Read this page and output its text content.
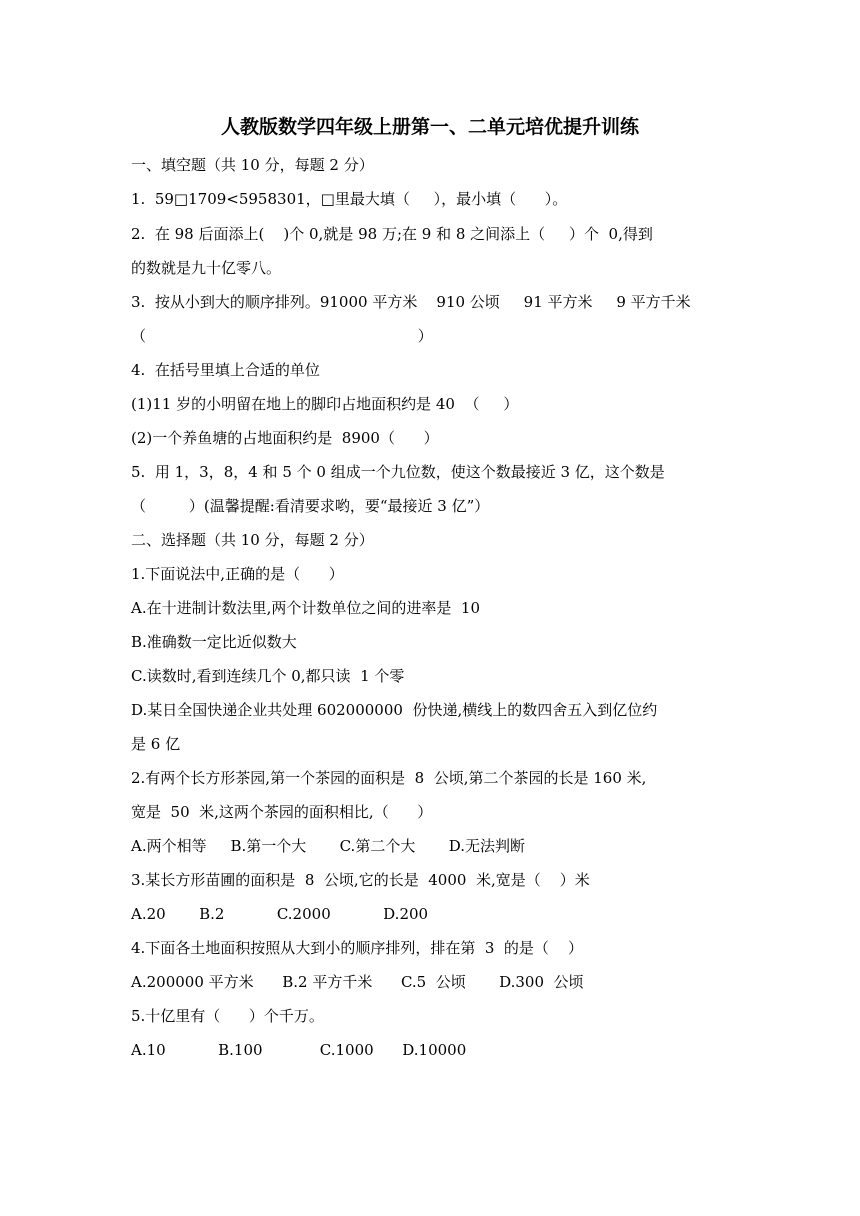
人教版数学四年级上册第一、二单元培优提升训练
一、填空题（共 10 分，每题 2 分）
1.  59□1709<5958301，□里最大填（     ），最小填（      ）。
2.  在 98 后面添上(    )个 0,就是 98 万;在 9 和 8 之间添上（     ）个  0,得到
的数就是九十亿零八。
3.  按从小到大的顺序排列。91000 平方米    910 公顷     91 平方米     9 平方千米
（                                                         ）
4.  在括号里填上合适的单位
(1)11 岁的小明留在地上的脚印占地面积约是 40  （     ）
(2)一个养鱼塘的占地面积约是  8900（      ）
5.  用 1，3，8，4 和 5 个 0 组成一个九位数，使这个数最接近 3 亿，这个数是
（         ）(温馨提醒:看清要求哟，要“最接近 3 亿”）
二、选择题（共 10 分，每题 2 分）
1.下面说法中,正确的是（      ）
A.在十进制计数法里,两个计数单位之间的进率是  10
B.准确数一定比近似数大
C.读数时,看到连续几个 0,都只读  1 个零
D.某日全国快递企业共处理 602000000  份快递,横线上的数四舍五入到亿位约
是 6 亿
2.有两个长方形茶园,第一个茶园的面积是  8  公顷,第二个茶园的长是 160 米,
宽是  50  米,这两个茶园的面积相比,（      ）
A.两个相等     B.第一个大       C.第二个大       D.无法判断
3.某长方形苗圃的面积是  8  公顷,它的长是  4000  米,宽是（    ）米
A.20       B.2           C.2000           D.200
4.下面各土地面积按照从大到小的顺序排列，排在第  3  的是（    ）
A.200000 平方米      B.2 平方千米      C.5  公顷       D.300  公顷
5.十亿里有（      ）个千万。
A.10           B.100            C.1000      D.10000
